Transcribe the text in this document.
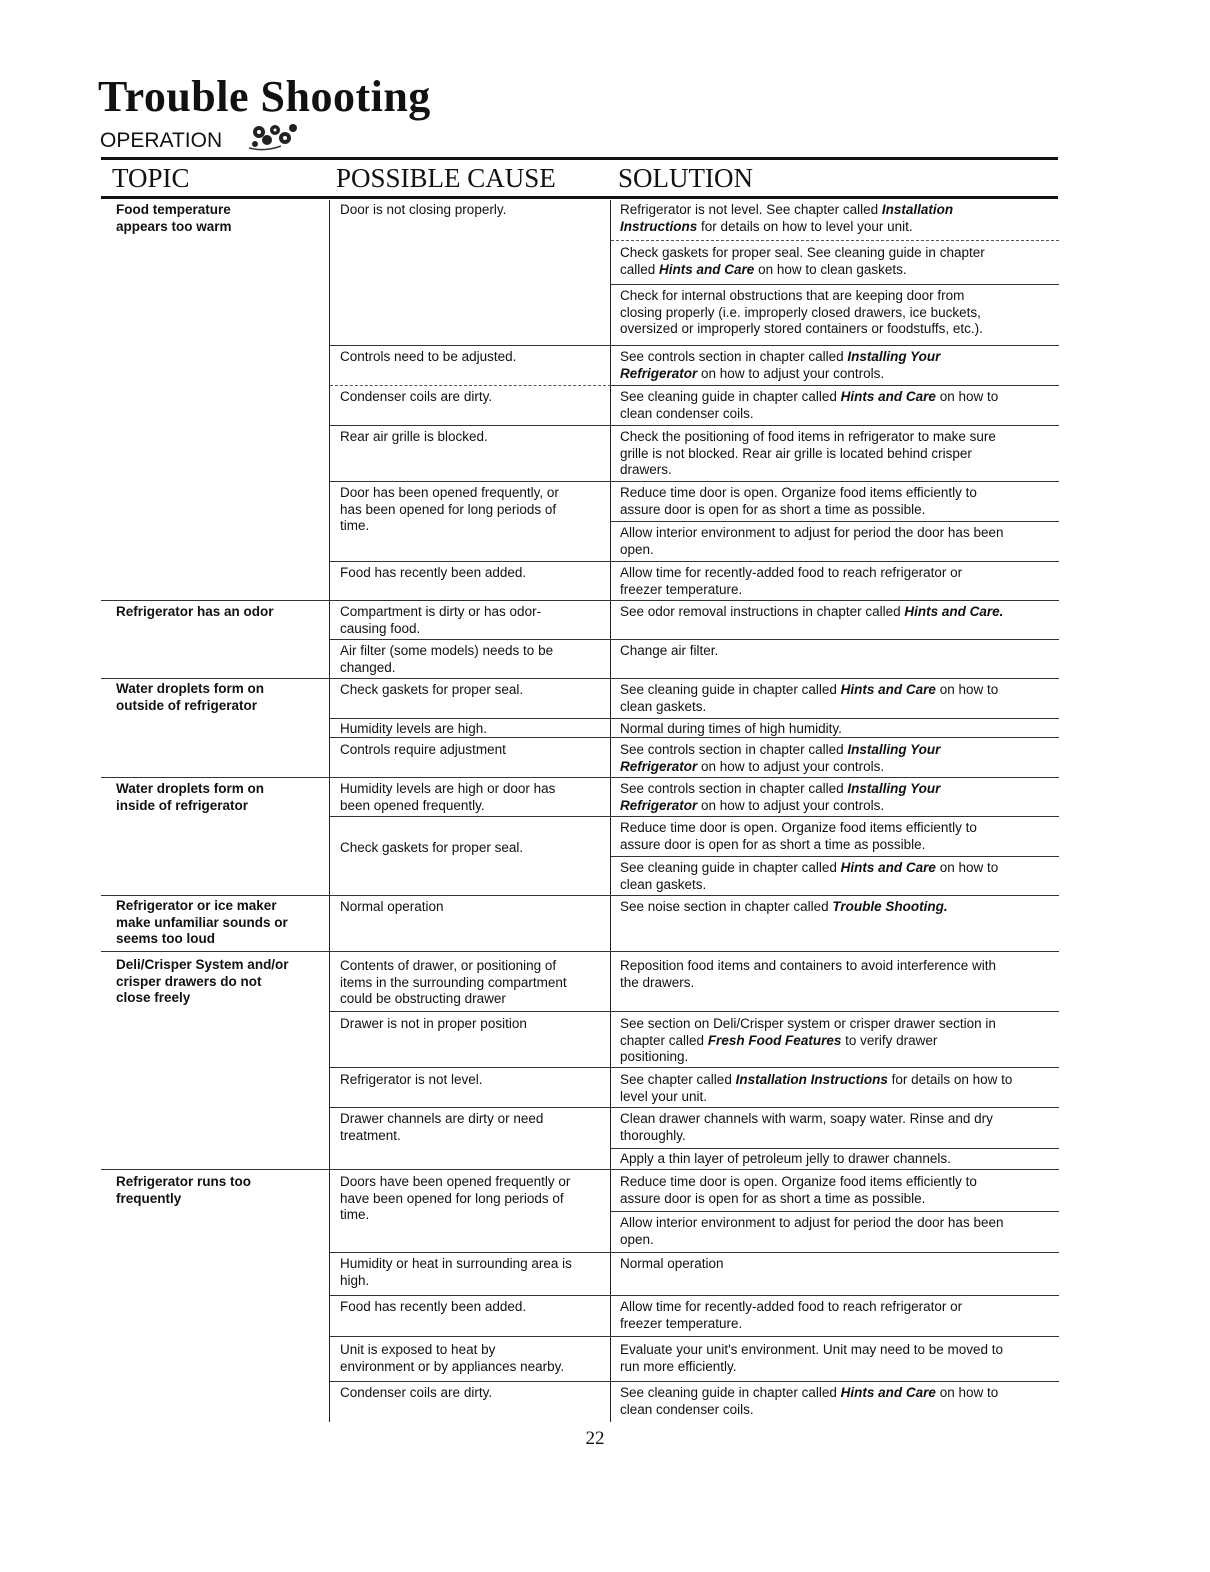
Trouble Shooting
OPERATION
TOPIC	POSSIBLE CAUSE SOLUTION
Food temperature
appears too warm
Refrigerator has an odor
Water droplets form on
outside of refrigerator
Water droplets form on
inside of refrigerator
Refrigerator or ice maker
make unfamiliar sounds or
seems too loud
Deli/Crisper System and/or
crisper drawers do not
close freely
Refrigerator runs too
frequently
Door is not closing properly.
Controls need to be adjusted.
Condenser coils are dirty.
Rear air grille is blocked.
Door has been opened frequently, or
has been opened for long periods of
time.
Food has recently been added.
Compartment is dirty or has odor-
causing food.
Air filter (some models) needs to be
changed.
Check gaskets for proper seal.
Humidity levels are high.
Controls require adjustment
Humidity levels are high or door has
been opened frequently.
Check gaskets for proper seal.
Normal operation
Contents of drawer, or positioning of
items in the surrounding compartment
could be obstructing drawer
Drawer is not in proper position
Refrigerator is not level.
Drawer channels are dirty or need
treatment.
Doors have been opened frequently or
have been opened for long periods of
time.
Humidity or heat in surrounding area is
high.
Food has recently been added.
Unit is exposed to heat by
environment or by appliances nearby.
Condenser coils are dirty.
Refrigerator is not level. See chapter called Installation
Instructions for details on how to level your unit.
Check gaskets for proper seal. See cleaning guide in chapter
called Hints and Care on how to clean gaskets.
Check for internal obstructions that are keeping door from
closing properly (i.e. improperly closed drawers, ice buckets,
oversized or improperly stored containers or foodstuffs, etc.).
See controls section in chapter called Installing Your
Refrigerator on how to adjust your controls.
See cleaning guide in chapter called Hints and Care on how to
clean condenser coils.
Check the positioning of food items in refrigerator to make sure
grille is not blocked. Rear air grille is located behind crisper
drawers.
Reduce time door is open. Organize food items efficiently to
assure door is open for as short a time as possible.
Allow interior environment to adjust for period the door has been
open.
Allow time for recently-added food to reach refrigerator or
freezer temperature.
See odor removal instructions in chapter called Hints and Care.
Change air filter.
See cleaning guide in chapter called Hints and Care on how to
clean gaskets.
Normal during times of high humidity.
See controls section in chapter called Installing Your
Refrigerator on how to adjust your controls.
See controls section in chapter called Installing Your
Refrigerator on how to adjust your controls.
Reduce time door is open. Organize food items efficiently to
assure door is open for as short a time as possible.
See cleaning guide in chapter called Hints and Care on how to
clean gaskets.
See noise section in chapter called Trouble Shooting.
Reposition food items and containers to avoid interference with
the drawers.
See section on Deli/Crisper system or crisper drawer section in
chapter called Fresh Food Features to verify drawer
positioning.
See chapter called Installation Instructions for details on how to
level your unit.
Clean drawer channels with warm, soapy water. Rinse and dry
thoroughly.
Apply a thin layer of petroleum jelly to drawer channels.
Reduce time door is open. Organize food items efficiently to
assure door is open for as short a time as possible.
Allow interior environment to adjust for period the door has been
open.
Normal operation
Allow time for recently-added food to reach refrigerator or
freezer temperature.
Evaluate your unit's environment. Unit may need to be moved to
run more efficiently.
See cleaning guide in chapter called Hints and Care on how to
clean condenser coils.
22
